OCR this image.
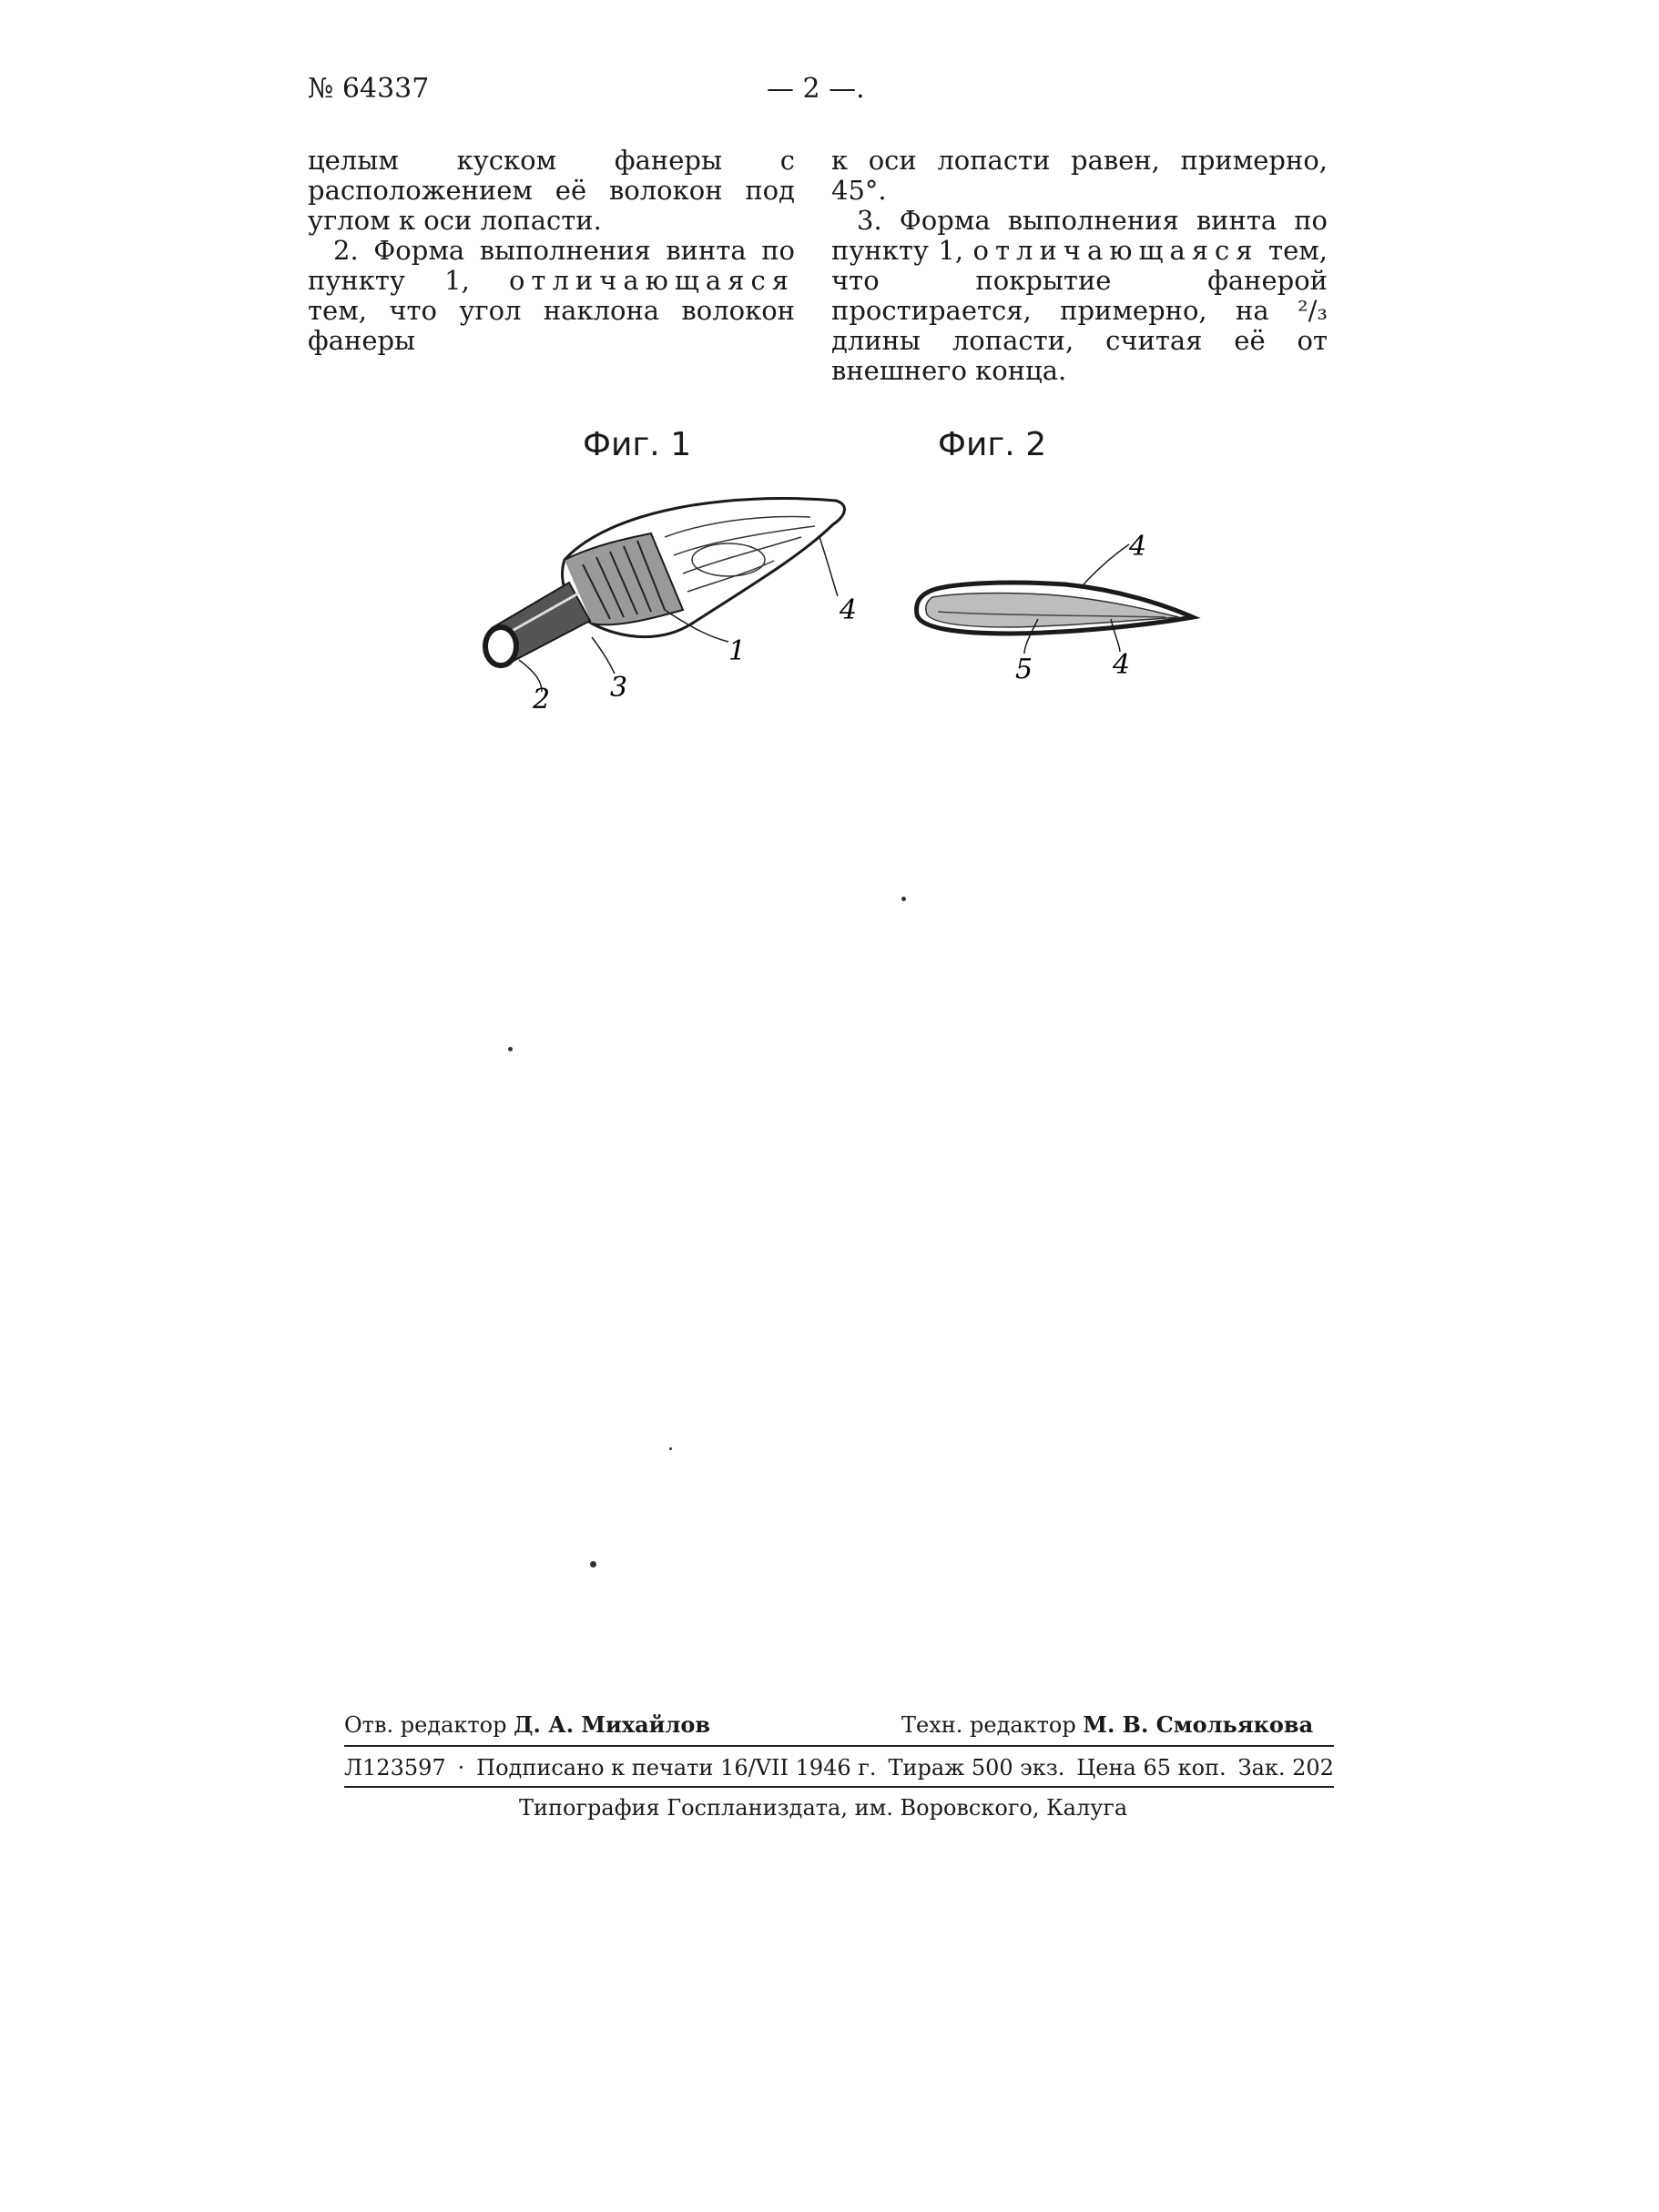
№ 64337	— 2 —.

целым куском фанеры с расположением её волокон под углом к оси лопасти.

2. Форма выполнения винта по пункту 1, отличающаяся тем, что угол наклона волокон фанеры

к оси лопасти равен, примерно, 45°.

3. Форма выполнения винта по пункту 1, отличающаяся тем, что покрытие фанерой простирается, примерно, на ²/₃ длины лопасти, считая её от внешнего конца.

Фиг. 1	Фиг. 2
4
1
3
2
4
5	4
Отв. редактор Д. А. Михайлов	Техн. редактор М. В. Смольякова
Л123597 · Подписано к печати 16/VII 1946 г. Тираж 500 экз. Цена 65 коп. Зак. 202
Типография Госпланиздата, им. Воровского, Калуга
